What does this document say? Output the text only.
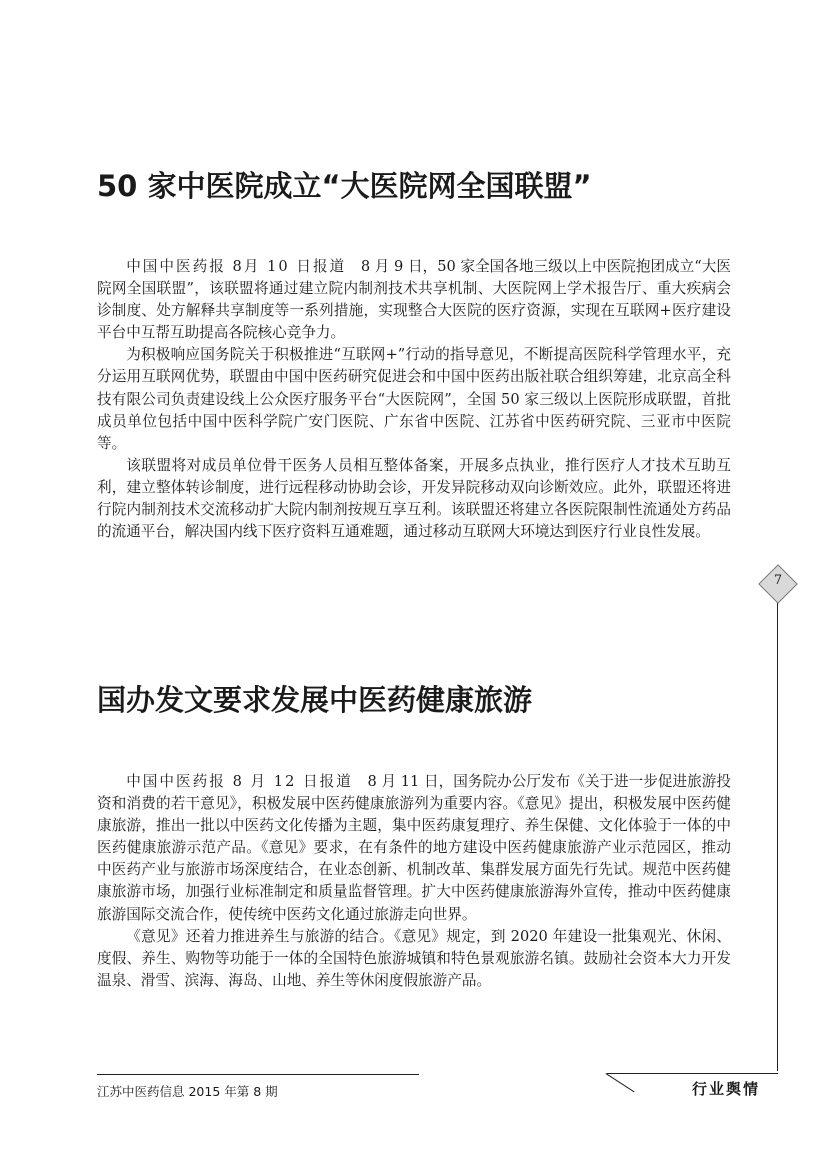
50 家中医院成立“大医院网全国联盟”

中国中医药报 8月 10 日报道　 8 月 9 日，50 家全国各地三级以上中医院抱团成立“大医院网全国联盟”，该联盟将通过建立院内制剂技术共享机制、大医院网上学术报告厅、重大疾病会诊制度、处方解释共享制度等一系列措施，实现整合大医院的医疗资源，实现在互联网+医疗建设平台中互帮互助提高各院核心竞争力。

为积极响应国务院关于积极推进“互联网+”行动的指导意见，不断提高医院科学管理水平，充分运用互联网优势，联盟由中国中医药研究促进会和中国中医药出版社联合组织筹建，北京高全科技有限公司负责建设线上公众医疗服务平台“大医院网”，全国 50 家三级以上医院形成联盟，首批成员单位包括中国中医科学院广安门医院、广东省中医院、江苏省中医药研究院、三亚市中医院等。

该联盟将对成员单位骨干医务人员相互整体备案，开展多点执业，推行医疗人才技术互助互利，建立整体转诊制度，进行远程移动协助会诊，开发异院移动双向诊断效应。此外，联盟还将进行院内制剂技术交流移动扩大院内制剂按规互享互利。该联盟还将建立各医院限制性流通处方药品的流通平台，解决国内线下医疗资料互通难题，通过移动互联网大环境达到医疗行业良性发展。

国办发文要求发展中医药健康旅游

中国中医药报 8 月 12 日报道　 8 月 11 日，国务院办公厅发布《关于进一步促进旅游投资和消费的若干意见》，积极发展中医药健康旅游列为重要内容。《意见》提出，积极发展中医药健康旅游，推出一批以中医药文化传播为主题，集中医药康复理疗、养生保健、文化体验于一体的中医药健康旅游示范产品。《意见》要求，在有条件的地方建设中医药健康旅游产业示范园区，推动中医药产业与旅游市场深度结合，在业态创新、机制改革、集群发展方面先行先试。规范中医药健康旅游市场，加强行业标准制定和质量监督管理。扩大中医药健康旅游海外宣传，推动中医药健康旅游国际交流合作，使传统中医药文化通过旅游走向世界。

《意见》还着力推进养生与旅游的结合。《意见》规定，到 2020 年建设一批集观光、休闲、度假、养生、购物等功能于一体的全国特色旅游城镇和特色景观旅游名镇。鼓励社会资本大力开发温泉、滑雪、滨海、海岛、山地、养生等休闲度假旅游产品。

7
江苏中医药信息 2015 年第 8 期	行业舆情
